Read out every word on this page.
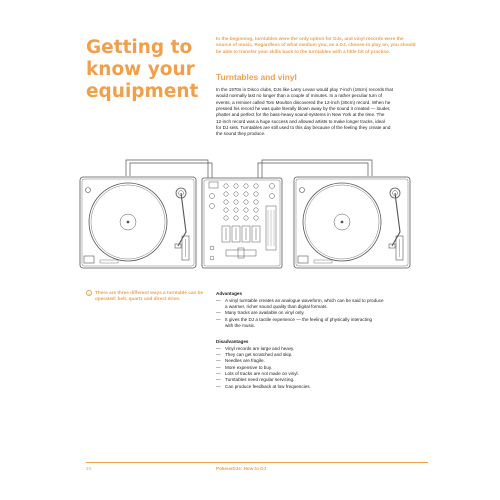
Getting to
know your
equipment

In the beginning, turntables were the only option for DJs, and vinyl records were the source of music. Regardless of what medium you, as a DJ, choose to play on, you should be able to transfer your skills back to the turntables with a little bit of practice.

Turntables and vinyl

In the 1970s in Disco clubs, DJs like Larry Levan would play 7-inch (18cm) records that
would normally last no longer than a couple of minutes. In a rather peculiar turn of
events, a remixer called Tom Moulton discovered the 12-inch (30cm) record. When he
pressed his record he was quite literally blown away by the sound it created — louder,
phatter and perfect for the bass-heavy sound-systems in New York at the time. The
12-inch record was a huge success and allowed artists to make longer tracks, ideal
for DJ sets. Turntables are still used to this day because of the feeling they create and
the sound they produce.

i	There are three different ways a turntable can be operated: belt, quartz and direct drive.
Advantages
— A vinyl turntable creates an analogue waveform, which can be said to produce
a warmer, richer sound quality than digital formats.
— Many tracks are available on vinyl only.
— It gives the DJ a tactile experience — the feeling of physically interacting
with the music.
Disadvantages
— Vinyl records are large and heavy.
— They can get scratched and skip.
— Needles are fragile.
— More expensive to buy.
— Lots of tracks are not made on vinyl.
— Turntables need regular servicing.
— Can produce feedback at low frequencies.
24	PokeusDJs: How to DJ
